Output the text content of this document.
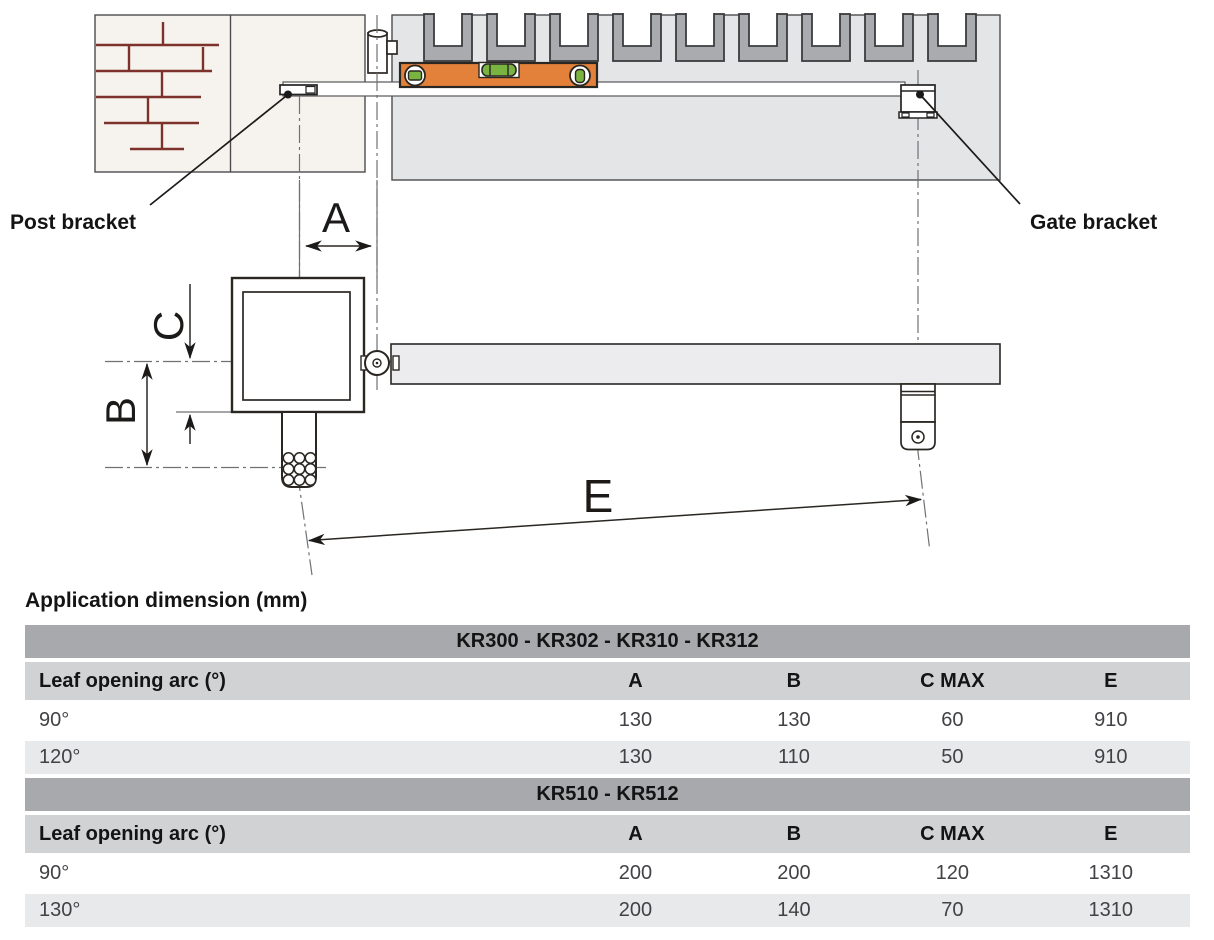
A
B
C
E
Post bracket	Gate bracket
Application dimension (mm)
KR300 - KR302 - KR310 - KR312
Leaf opening arc (°)	A	B	C MAX	E
90°	130	130	60	910
120°	130	110	50	910
KR510 - KR512
Leaf opening arc (°)	A	B	C MAX	E
90°	200	200	120	1310
130°	200	140	70	1310
